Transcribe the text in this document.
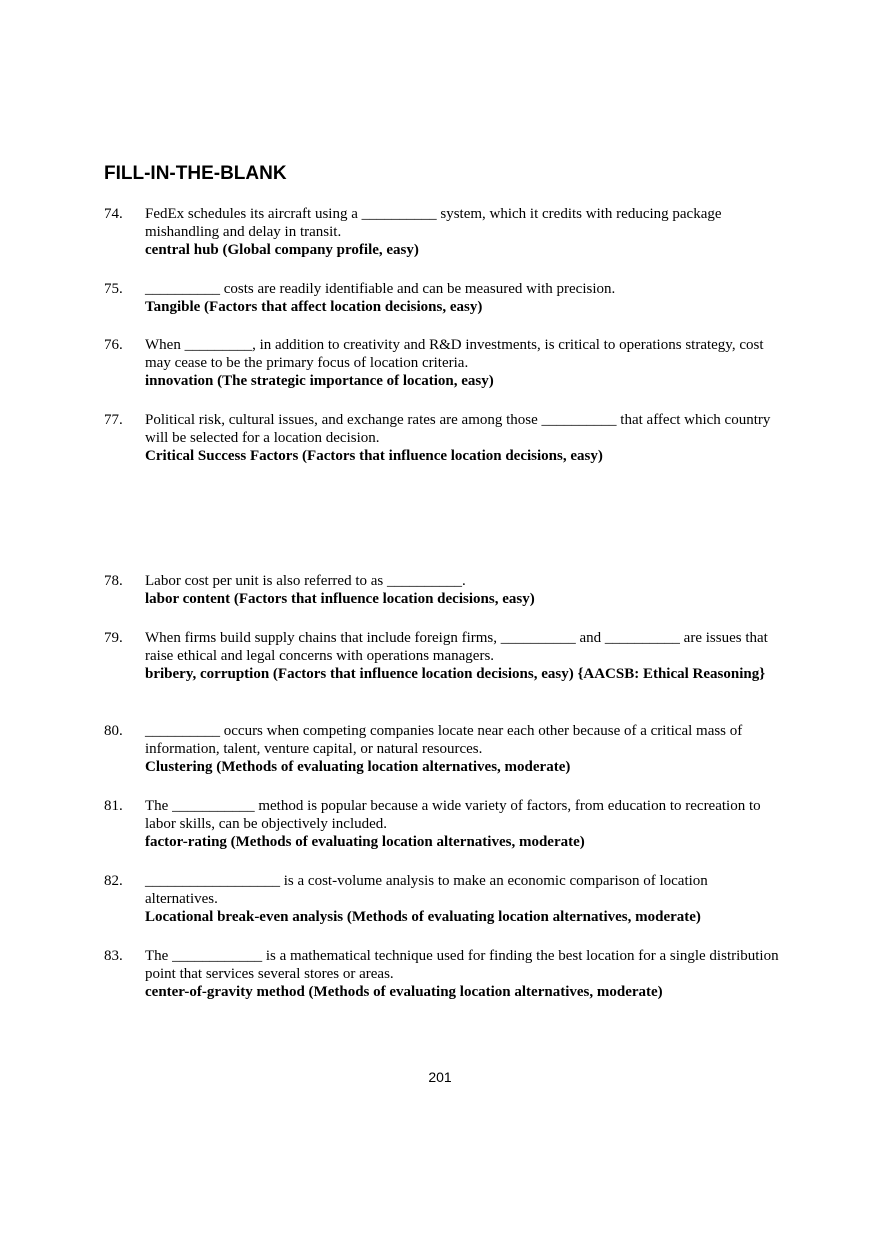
FILL-IN-THE-BLANK
74.	FedEx schedules its aircraft using a __________ system, which it credits with reducing package mishandling and delay in transit.
central hub (Global company profile, easy)
75.	__________ costs are readily identifiable and can be measured with precision.
Tangible (Factors that affect location decisions, easy)
76.	When _________, in addition to creativity and R&D investments, is critical to operations strategy, cost may cease to be the primary focus of location criteria.
innovation (The strategic importance of location, easy)
77.	Political risk, cultural issues, and exchange rates are among those __________ that affect which country will be selected for a location decision.
Critical Success Factors (Factors that influence location decisions, easy)
78.	Labor cost per unit is also referred to as __________.
labor content (Factors that influence location decisions, easy)
79.	When firms build supply chains that include foreign firms, __________ and __________ are issues that raise ethical and legal concerns with operations managers.
bribery, corruption (Factors that influence location decisions, easy) {AACSB: Ethical Reasoning}
80.	__________ occurs when competing companies locate near each other because of a critical mass of information, talent, venture capital, or natural resources.
Clustering (Methods of evaluating location alternatives, moderate)
81.	The ___________ method is popular because a wide variety of factors, from education to recreation to labor skills, can be objectively included.
factor-rating (Methods of evaluating location alternatives, moderate)
82.	__________________ is a cost-volume analysis to make an economic comparison of location alternatives.
Locational break-even analysis (Methods of evaluating location alternatives, moderate)
83.	The ____________ is a mathematical technique used for finding the best location for a single distribution point that services several stores or areas.
center-of-gravity method (Methods of evaluating location alternatives, moderate)
201
